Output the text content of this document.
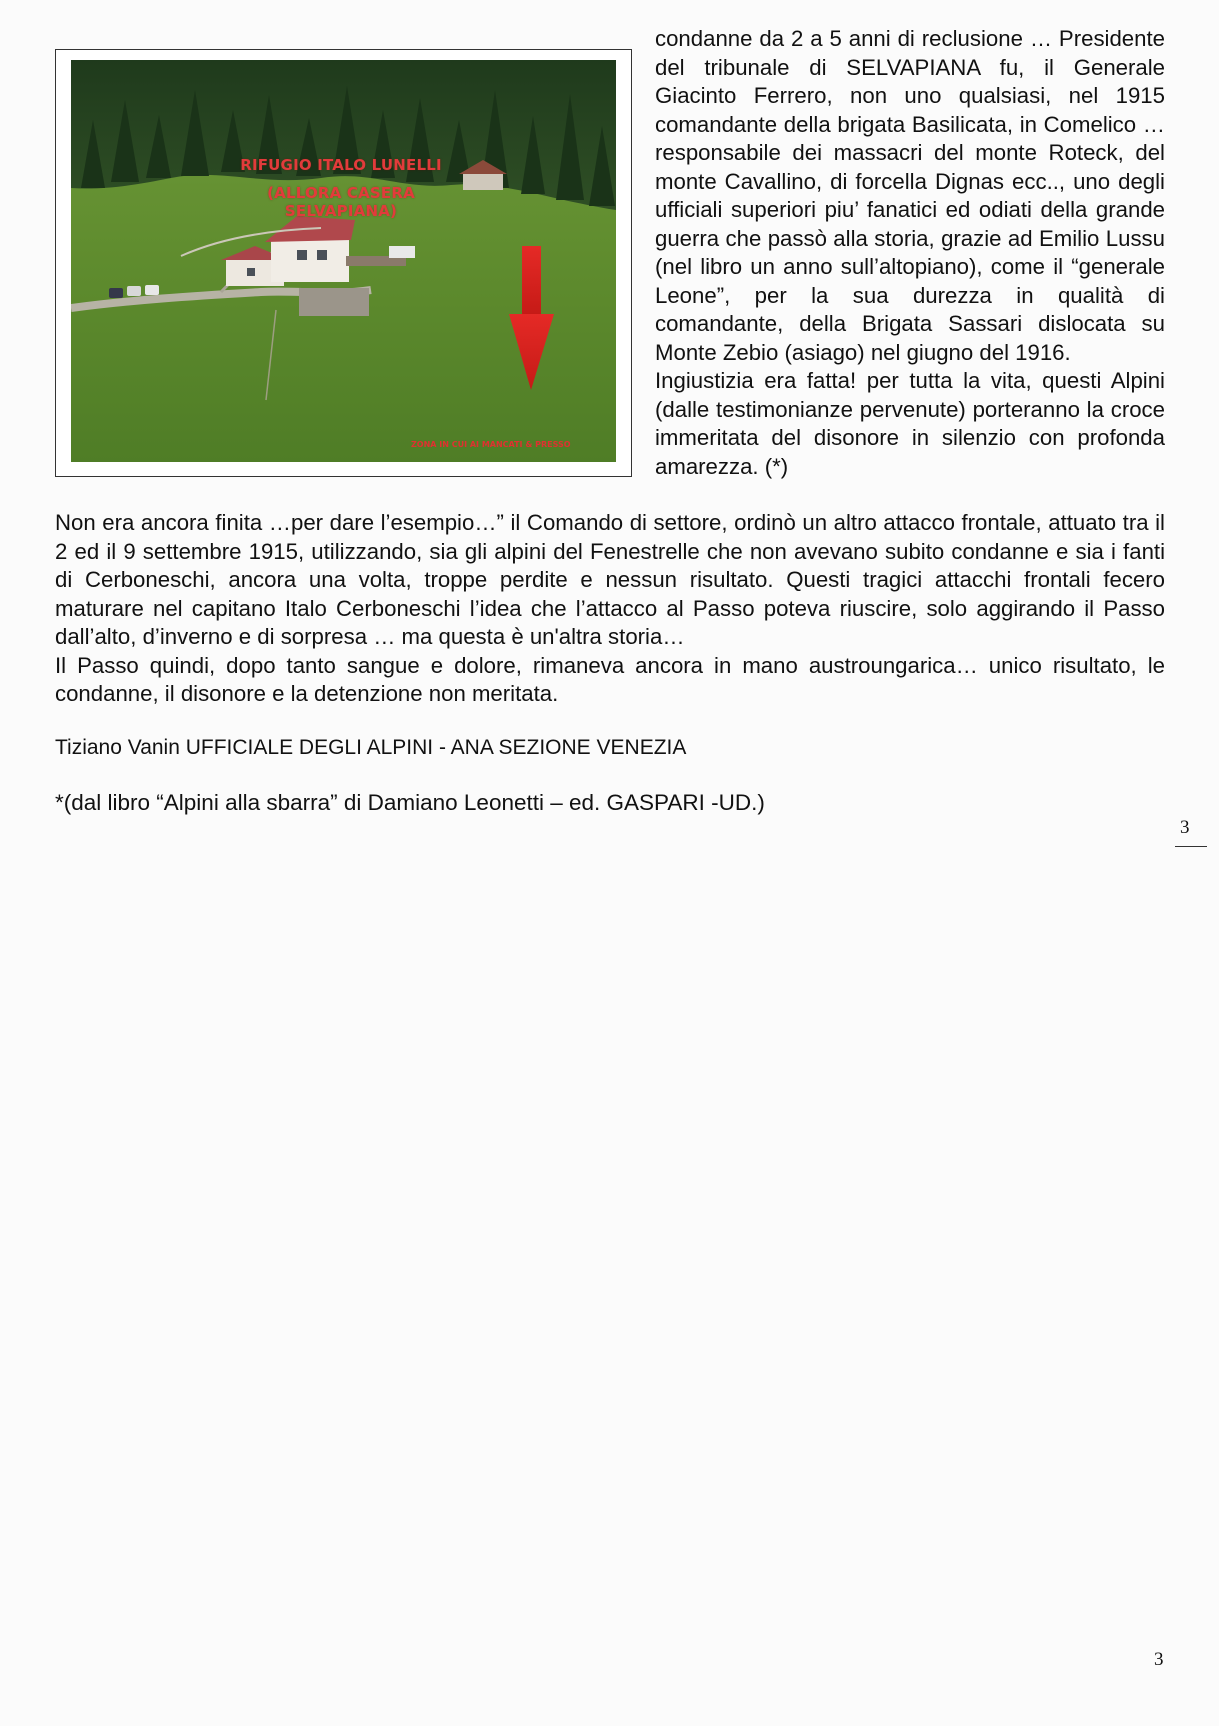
RIFUGIO ITALO LUNELLI
(ALLORA CASERA SELVAPIANA)
ZONA IN CUI AI MANCATI & PRESSO

condanne da 2 a 5 anni di reclusione … Presidente del tribunale di SELVAPIANA fu, il Generale Giacinto Ferrero, non uno qualsiasi, nel 1915 comandante della brigata Basilicata, in Comelico …responsabile dei massacri del monte Roteck, del monte Cavallino, di forcella Dignas ecc.., uno degli ufficiali superiori piu’ fanatici ed odiati della grande guerra che passò alla storia, grazie ad Emilio Lussu (nel libro un anno sull’altopiano), come il “generale Leone”, per la sua durezza in qualità di comandante, della Brigata Sassari dislocata su Monte Zebio (asiago) nel giugno del 1916.

Ingiustizia era fatta! per tutta la vita, questi Alpini (dalle testimonianze pervenute) porteranno la croce immeritata del disonore in silenzio con profonda amarezza. (*)

Non era ancora finita …per dare l’esempio…” il Comando di settore, ordinò un altro attacco frontale, attuato tra il 2 ed il 9 settembre 1915, utilizzando, sia gli alpini del Fenestrelle che non avevano subito condanne e sia i fanti di Cerboneschi, ancora una volta, troppe perdite e nessun risultato. Questi tragici attacchi frontali fecero maturare nel capitano Italo Cerboneschi l’idea che l’attacco al Passo poteva riuscire, solo aggirando il Passo dall’alto, d’inverno e di sorpresa … ma questa è un'altra storia…

Il Passo quindi, dopo tanto sangue e dolore, rimaneva ancora in mano austroungarica… unico risultato, le condanne, il disonore e la detenzione non meritata.

Tiziano Vanin UFFICIALE DEGLI ALPINI - ANA SEZIONE VENEZIA
*(dal libro “Alpini alla sbarra” di Damiano Leonetti – ed. GASPARI -UD.)
3
3
